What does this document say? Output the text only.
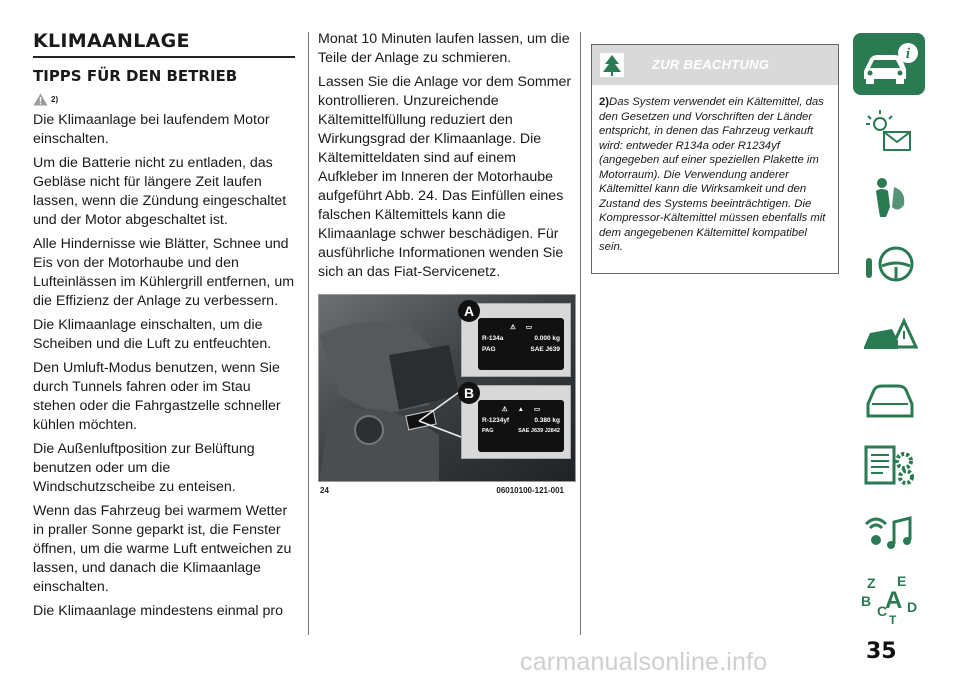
KLIMAANLAGE
TIPPS FÜR DEN BETRIEB
2)

Die Klimaanlage bei laufendem Motor einschalten.

Um die Batterie nicht zu entladen, das Gebläse nicht für längere Zeit laufen lassen, wenn die Zündung eingeschaltet und der Motor abgeschaltet ist.

Alle Hindernisse wie Blätter, Schnee und Eis von der Motorhaube und den Lufteinlässen im Kühlergrill entfernen, um die Effizienz der Anlage zu verbessern.

Die Klimaanlage einschalten, um die Scheiben und die Luft zu entfeuchten.

Den Umluft-Modus benutzen, wenn Sie durch Tunnels fahren oder im Stau stehen oder die Fahrgastzelle schneller kühlen möchten.

Die Außenluftposition zur Belüftung benutzen oder um die Windschutzscheibe zu enteisen.

Wenn das Fahrzeug bei warmem Wetter in praller Sonne geparkt ist, die Fenster öffnen, um die warme Luft entweichen zu lassen, und danach die Klimaanlage einschalten.

Die Klimaanlage mindestens einmal pro

Monat 10 Minuten laufen lassen, um die Teile der Anlage zu schmieren.

Lassen Sie die Anlage vor dem Sommer kontrollieren. Unzureichende Kältemittelfüllung reduziert den Wirkungsgrad der Klimaanlage. Die Kältemitteldaten sind auf einem Aufkleber im Inneren der Motorhaube aufgeführt Abb. 24. Das Einfüllen eines falschen Kältemittels kann die Klimaanlage schwer beschädigen. Für ausführliche Informationen wenden Sie sich an das Fiat-Servicenetz.

⚠ ▭
R-134a	0.000 kg
PAG	SAE J639
A
⚠ ▲ ▭
R-1234yf	0.380 kg
PAG	SAE J639 J2842
B
24	06010100-121-001
ZUR BEACHTUNG
2)Das System verwendet ein Kältemittel, das den Gesetzen und Vorschriften der Länder entspricht, in denen das Fahrzeug verkauft wird: entweder R134a oder R1234yf (angegeben auf einer speziellen Plakette im Motorraum). Die Verwendung anderer Kältemittel kann die Wirksamkeit und den Zustand des Systems beeinträchtigen. Die Kompressor-Kältemittel müssen ebenfalls mit dem angegebenen Kältemittel kompatibel sein.
i
Z E
B A
C
T
D
35
carmanualsonline.info
